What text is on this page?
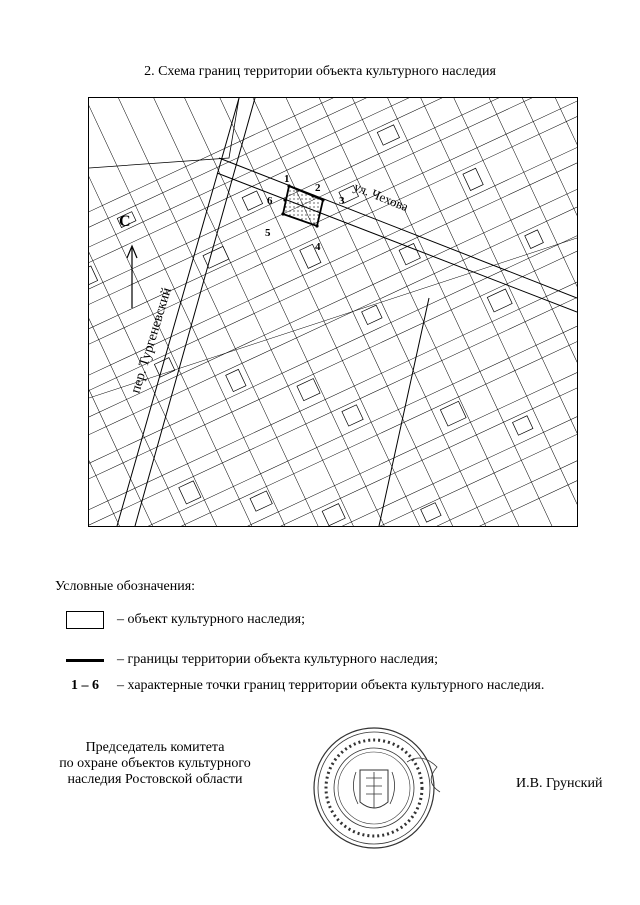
2. Схема границ территории объекта культурного наследия
1
2
3
4
5
6	ул. Чехова
пер. Тургеневский
С
Условные обозначения:
– объект культурного наследия;
– границы территории объекта культурного наследия;
1 – 6 – характерные точки границ территории объекта культурного наследия.
Председатель комитета
по охране объектов культурного
наследия Ростовской области	И.В. Грунский
